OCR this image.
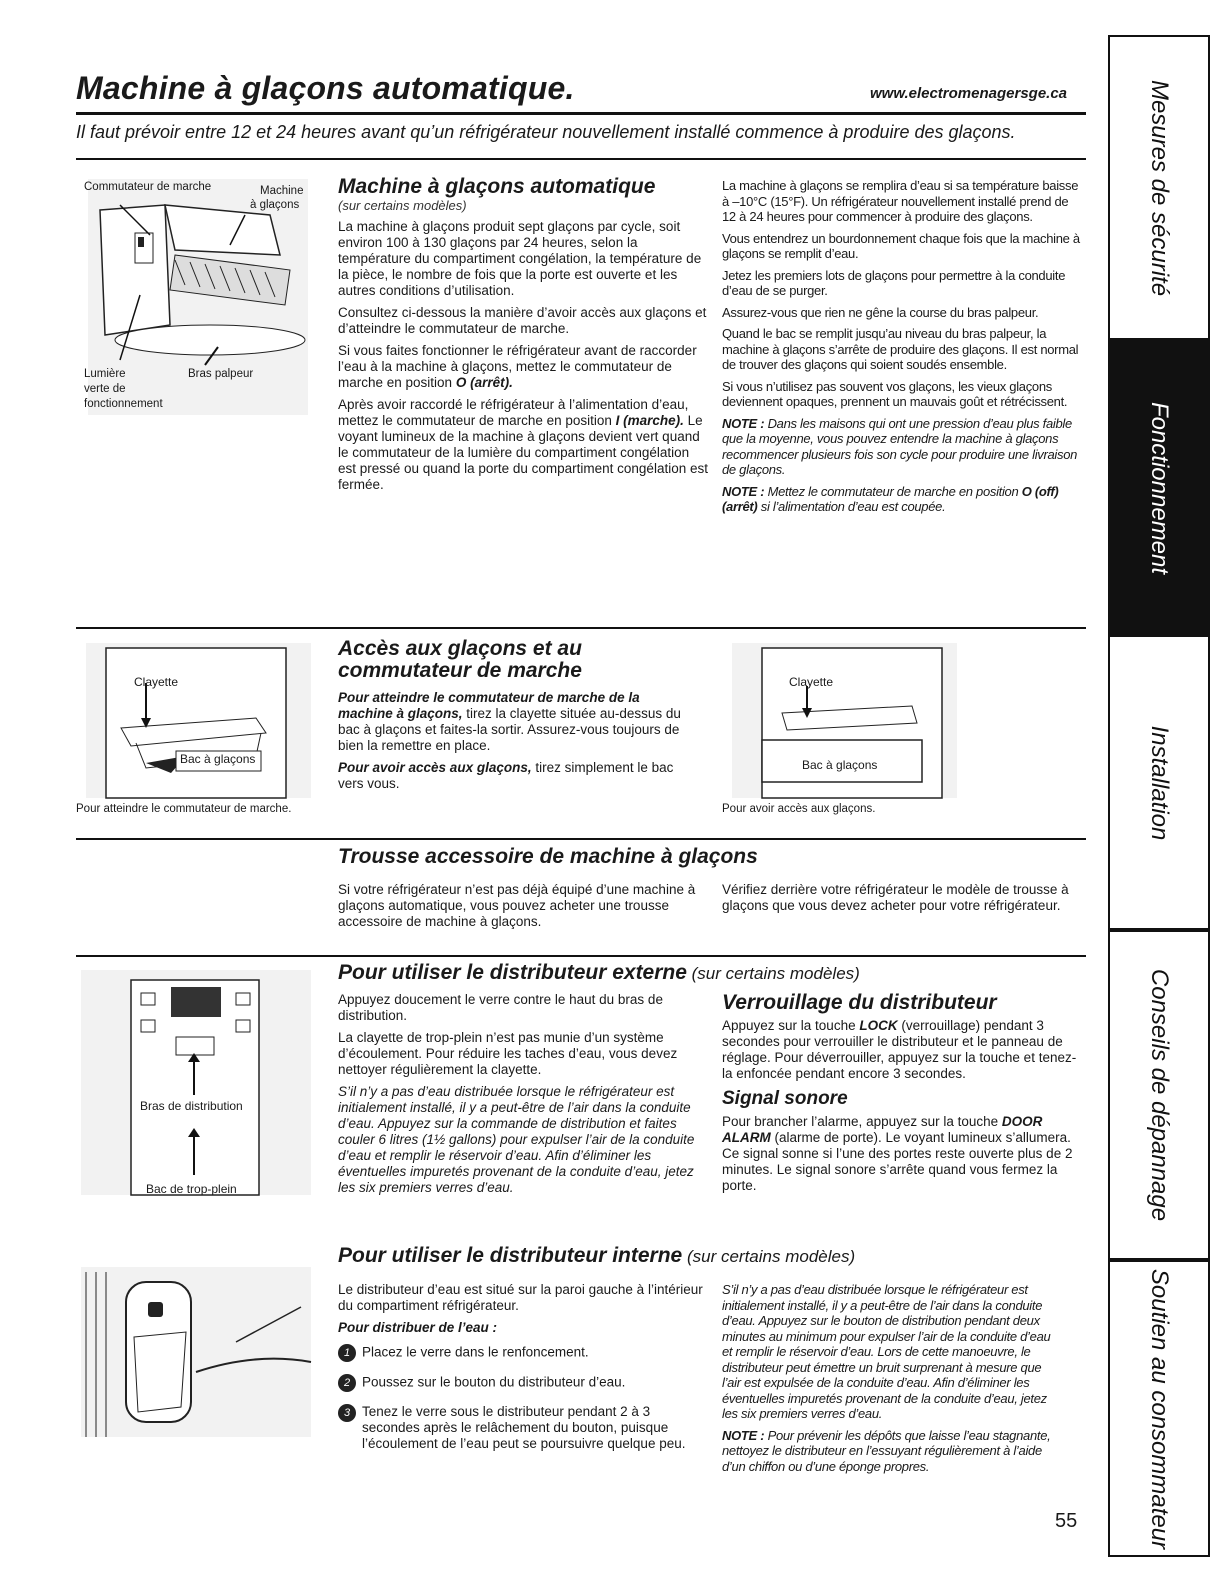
Machine à glaçons automatique.	www.electromenagersge.ca
Il faut prévoir entre 12 et 24 heures avant qu’un réfrigérateur nouvellement installé commence à produire des glaçons.
Commutateur de marche	Machine
à glaçons
Lumière
verte de
fonctionnement
Bras palpeur
Machine à glaçons automatique
(sur certains modèles)

La machine à glaçons produit sept glaçons par cycle, soit environ 100 à 130 glaçons par 24 heures, selon la température du compartiment congélation, la température de la pièce, le nombre de fois que la porte est ouverte et les autres conditions d’utilisation.

Consultez ci-dessous la manière d’avoir accès aux glaçons et d’atteindre le commutateur de marche.

Si vous faites fonctionner le réfrigérateur avant de raccorder l’eau à la machine à glaçons, mettez le commutateur de marche en position O (arrêt).

Après avoir raccordé le réfrigérateur à l’alimentation d’eau, mettez le commutateur de marche en position I (marche). Le voyant lumineux de la machine à glaçons devient vert quand le commutateur de la lumière du compartiment congélation est pressé ou quand la porte du compartiment congélation est fermée.

La machine à glaçons se remplira d’eau si sa température baisse à –10°C (15°F). Un réfrigérateur nouvellement installé prend de 12 à 24 heures pour commencer à produire des glaçons.

Vous entendrez un bourdonnement chaque fois que la machine à glaçons se remplit d’eau.

Jetez les premiers lots de glaçons pour permettre à la conduite d’eau de se purger.

Assurez-vous que rien ne gêne la course du bras palpeur.

Quand le bac se remplit jusqu’au niveau du bras palpeur, la machine à glaçons s’arrête de produire des glaçons. Il est normal de trouver des glaçons qui soient soudés ensemble.

Si vous n’utilisez pas souvent vos glaçons, les vieux glaçons deviennent opaques, prennent un mauvais goût et rétrécissent.

NOTE : Dans les maisons qui ont une pression d’eau plus faible que la moyenne, vous pouvez entendre la machine à glaçons recommencer plusieurs fois son cycle pour produire une livraison de glaçons.

NOTE : Mettez le commutateur de marche en position O (off) (arrêt) si l’alimentation d’eau est coupée.

Clayette
Bac à glaçons
Pour atteindre le commutateur de marche.
Accès aux glaçons et au
commutateur de marche

Pour atteindre le commutateur de marche de la machine à glaçons, tirez la clayette située au-dessus du bac à glaçons et faites-la sortir. Assurez-vous toujours de bien la remettre en place.

Pour avoir accès aux glaçons, tirez simplement le bac vers vous.

Clayette
Bac à glaçons
Pour avoir accès aux glaçons.
Trousse accessoire de machine à glaçons
Si votre réfrigérateur n’est pas déjà équipé d’une machine à glaçons automatique, vous pouvez acheter une trousse accessoire de machine à glaçons.
Vérifiez derrière votre réfrigérateur le modèle de trousse à glaçons que vous devez acheter pour votre réfrigérateur.
Bras de distribution
Bac de trop-plein
Pour utiliser le distributeur externe (sur certains modèles)

Appuyez doucement le verre contre le haut du bras de distribution.

La clayette de trop-plein n’est pas munie d’un système d’écoulement. Pour réduire les taches d’eau, vous devez nettoyer régulièrement la clayette.

S’il n’y a pas d’eau distribuée lorsque le réfrigérateur est initialement installé, il y a peut-être de l’air dans la conduite d’eau. Appuyez sur la commande de distribution et faites couler 6 litres (1½ gallons) pour expulser l’air de la conduite d’eau et remplir le réservoir d’eau. Afin d’éliminer les éventuelles impuretés provenant de la conduite d’eau, jetez les six premiers verres d’eau.

Verrouillage du distributeur

Appuyez sur la touche LOCK (verrouillage) pendant 3 secondes pour verrouiller le distributeur et le panneau de réglage. Pour déverrouiller, appuyez sur la touche et tenez-la enfoncée pendant encore 3 secondes.

Signal sonore

Pour brancher l’alarme, appuyez sur la touche DOOR ALARM (alarme de porte). Le voyant lumineux s’allumera. Ce signal sonne si l’une des portes reste ouverte plus de 2 minutes. Le signal sonore s’arrête quand vous fermez la porte.

Pour utiliser le distributeur interne (sur certains modèles)

Le distributeur d’eau est situé sur la paroi gauche à l’intérieur du compartiment réfrigérateur.

Pour distribuer de l’eau :

1 Placez le verre dans le renfoncement.

2 Poussez sur le bouton du distributeur d’eau.

3 Tenez le verre sous le distributeur pendant 2 à 3 secondes après le relâchement du bouton, puisque l’écoulement de l’eau peut se poursuivre quelque peu.

S’il n’y a pas d’eau distribuée lorsque le réfrigérateur est initialement installé, il y a peut-être de l’air dans la conduite d’eau. Appuyez sur le bouton de distribution pendant deux minutes au minimum pour expulser l’air de la conduite d’eau et remplir le réservoir d’eau. Lors de cette manoeuvre, le distributeur peut émettre un bruit surprenant à mesure que l’air est expulsée de la conduite d’eau. Afin d’éliminer les éventuelles impuretés provenant de la conduite d’eau, jetez les six premiers verres d’eau.

NOTE : Pour prévenir les dépôts que laisse l’eau stagnante, nettoyez le distributeur en l’essuyant régulièrement à l’aide d’un chiffon ou d’une éponge propres.

55
Mesures de sécurité
Fonctionnement
Installation
Conseils de dépannage
Soutien au consommateur
